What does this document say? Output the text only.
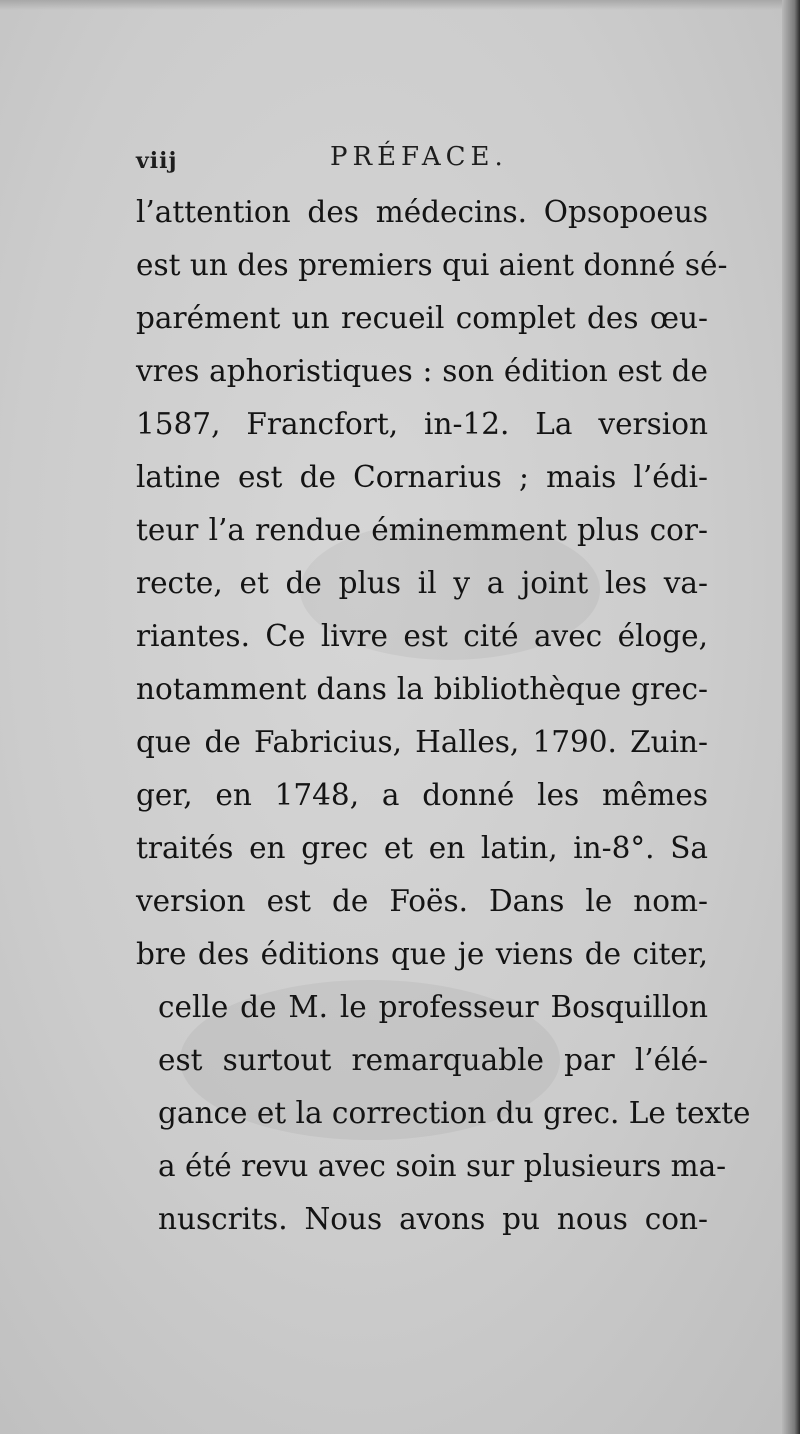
viij	PRÉFACE.
l’attention des médecins. Opsopoeus
est un des premiers qui aient donné sé-
parément un recueil complet des œu-
vres aphoristiques : son édition est de
1587, Francfort, in-12. La version
latine est de Cornarius ; mais l’édi-
teur l’a rendue éminemment plus cor-
recte, et de plus il y a joint les va-
riantes. Ce livre est cité avec éloge,
notamment dans la bibliothèque grec-
que de Fabricius, Halles, 1790. Zuin-
ger, en 1748, a donné les mêmes
traités en grec et en latin, in-8°. Sa
version est de Foës. Dans le nom-
bre des éditions que je viens de citer,
celle de M. le professeur Bosquillon
est surtout remarquable par l’élé-
gance et la correction du grec. Le texte
a été revu avec soin sur plusieurs ma-
nuscrits. Nous avons pu nous con-
